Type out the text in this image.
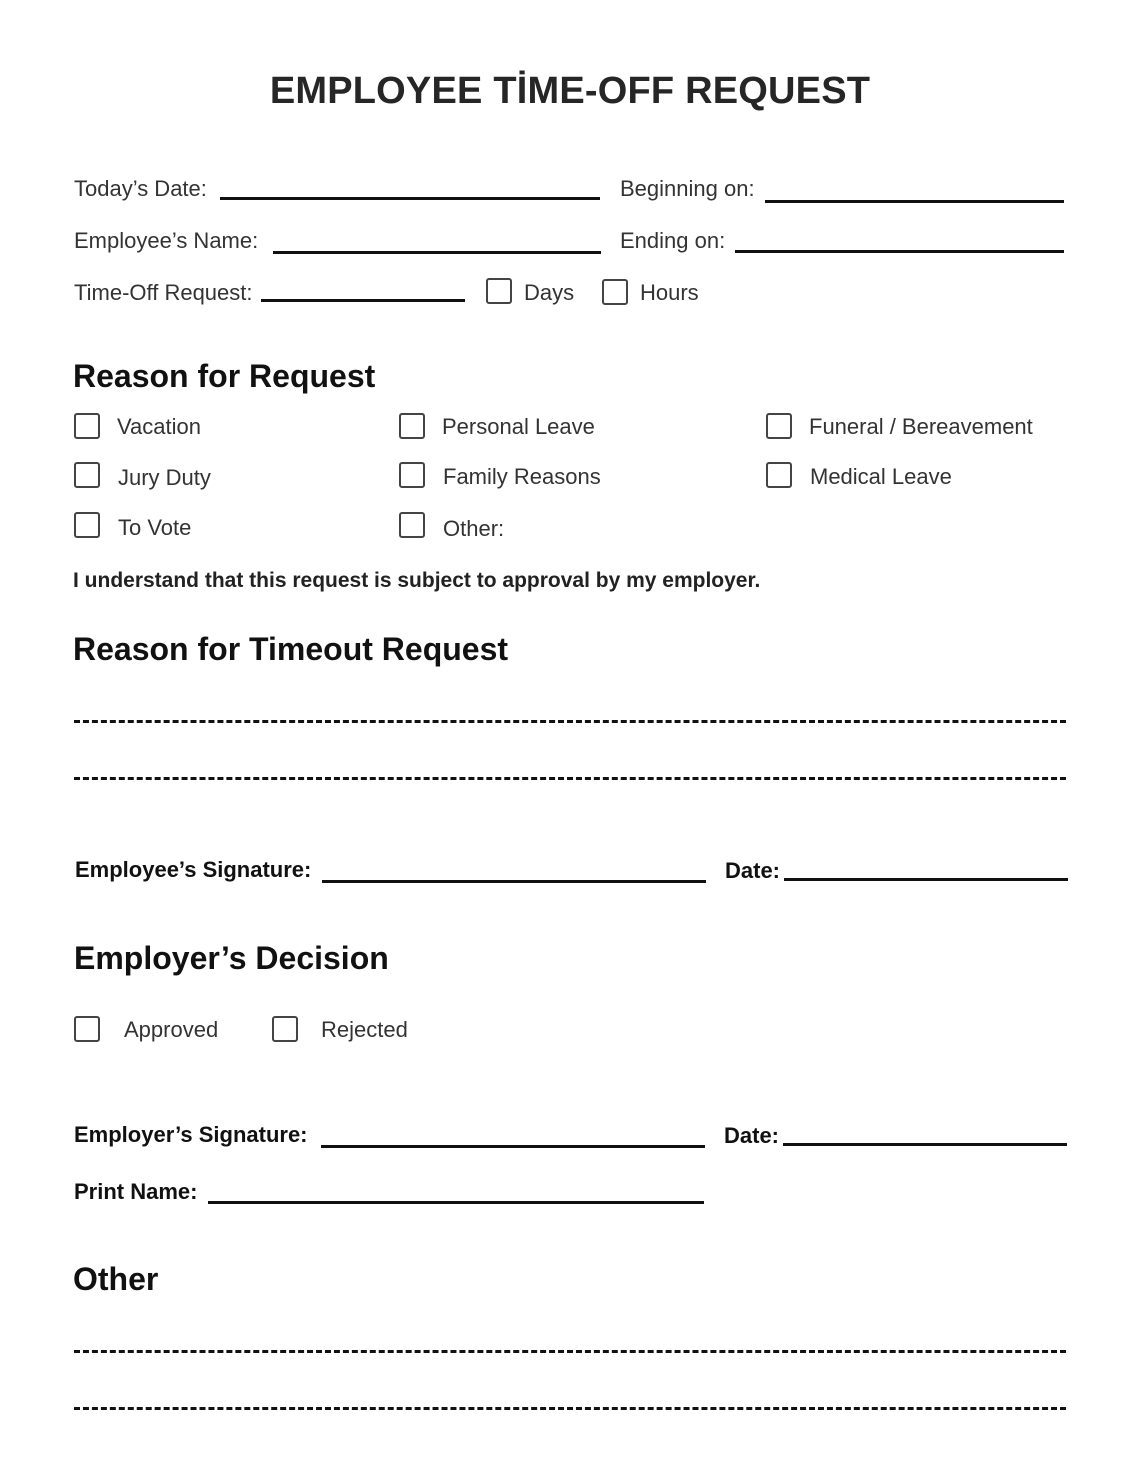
EMPLOYEE TİME-OFF REQUEST
Today’s Date:	Beginning on:
Employee’s Name:	Ending on:
Time-Off Request:	Days	Hours
Reason for Request
Vacation	Personal Leave	Funeral / Bereavement
Jury Duty	Family Reasons	Medical Leave
To Vote	Other:
I understand that this request is subject to approval by my employer.
Reason for Timeout Request
Employee’s Signature:	Date:
Employer’s Decision
Approved	Rejected
Employer’s Signature:	Date:
Print Name:
Other
